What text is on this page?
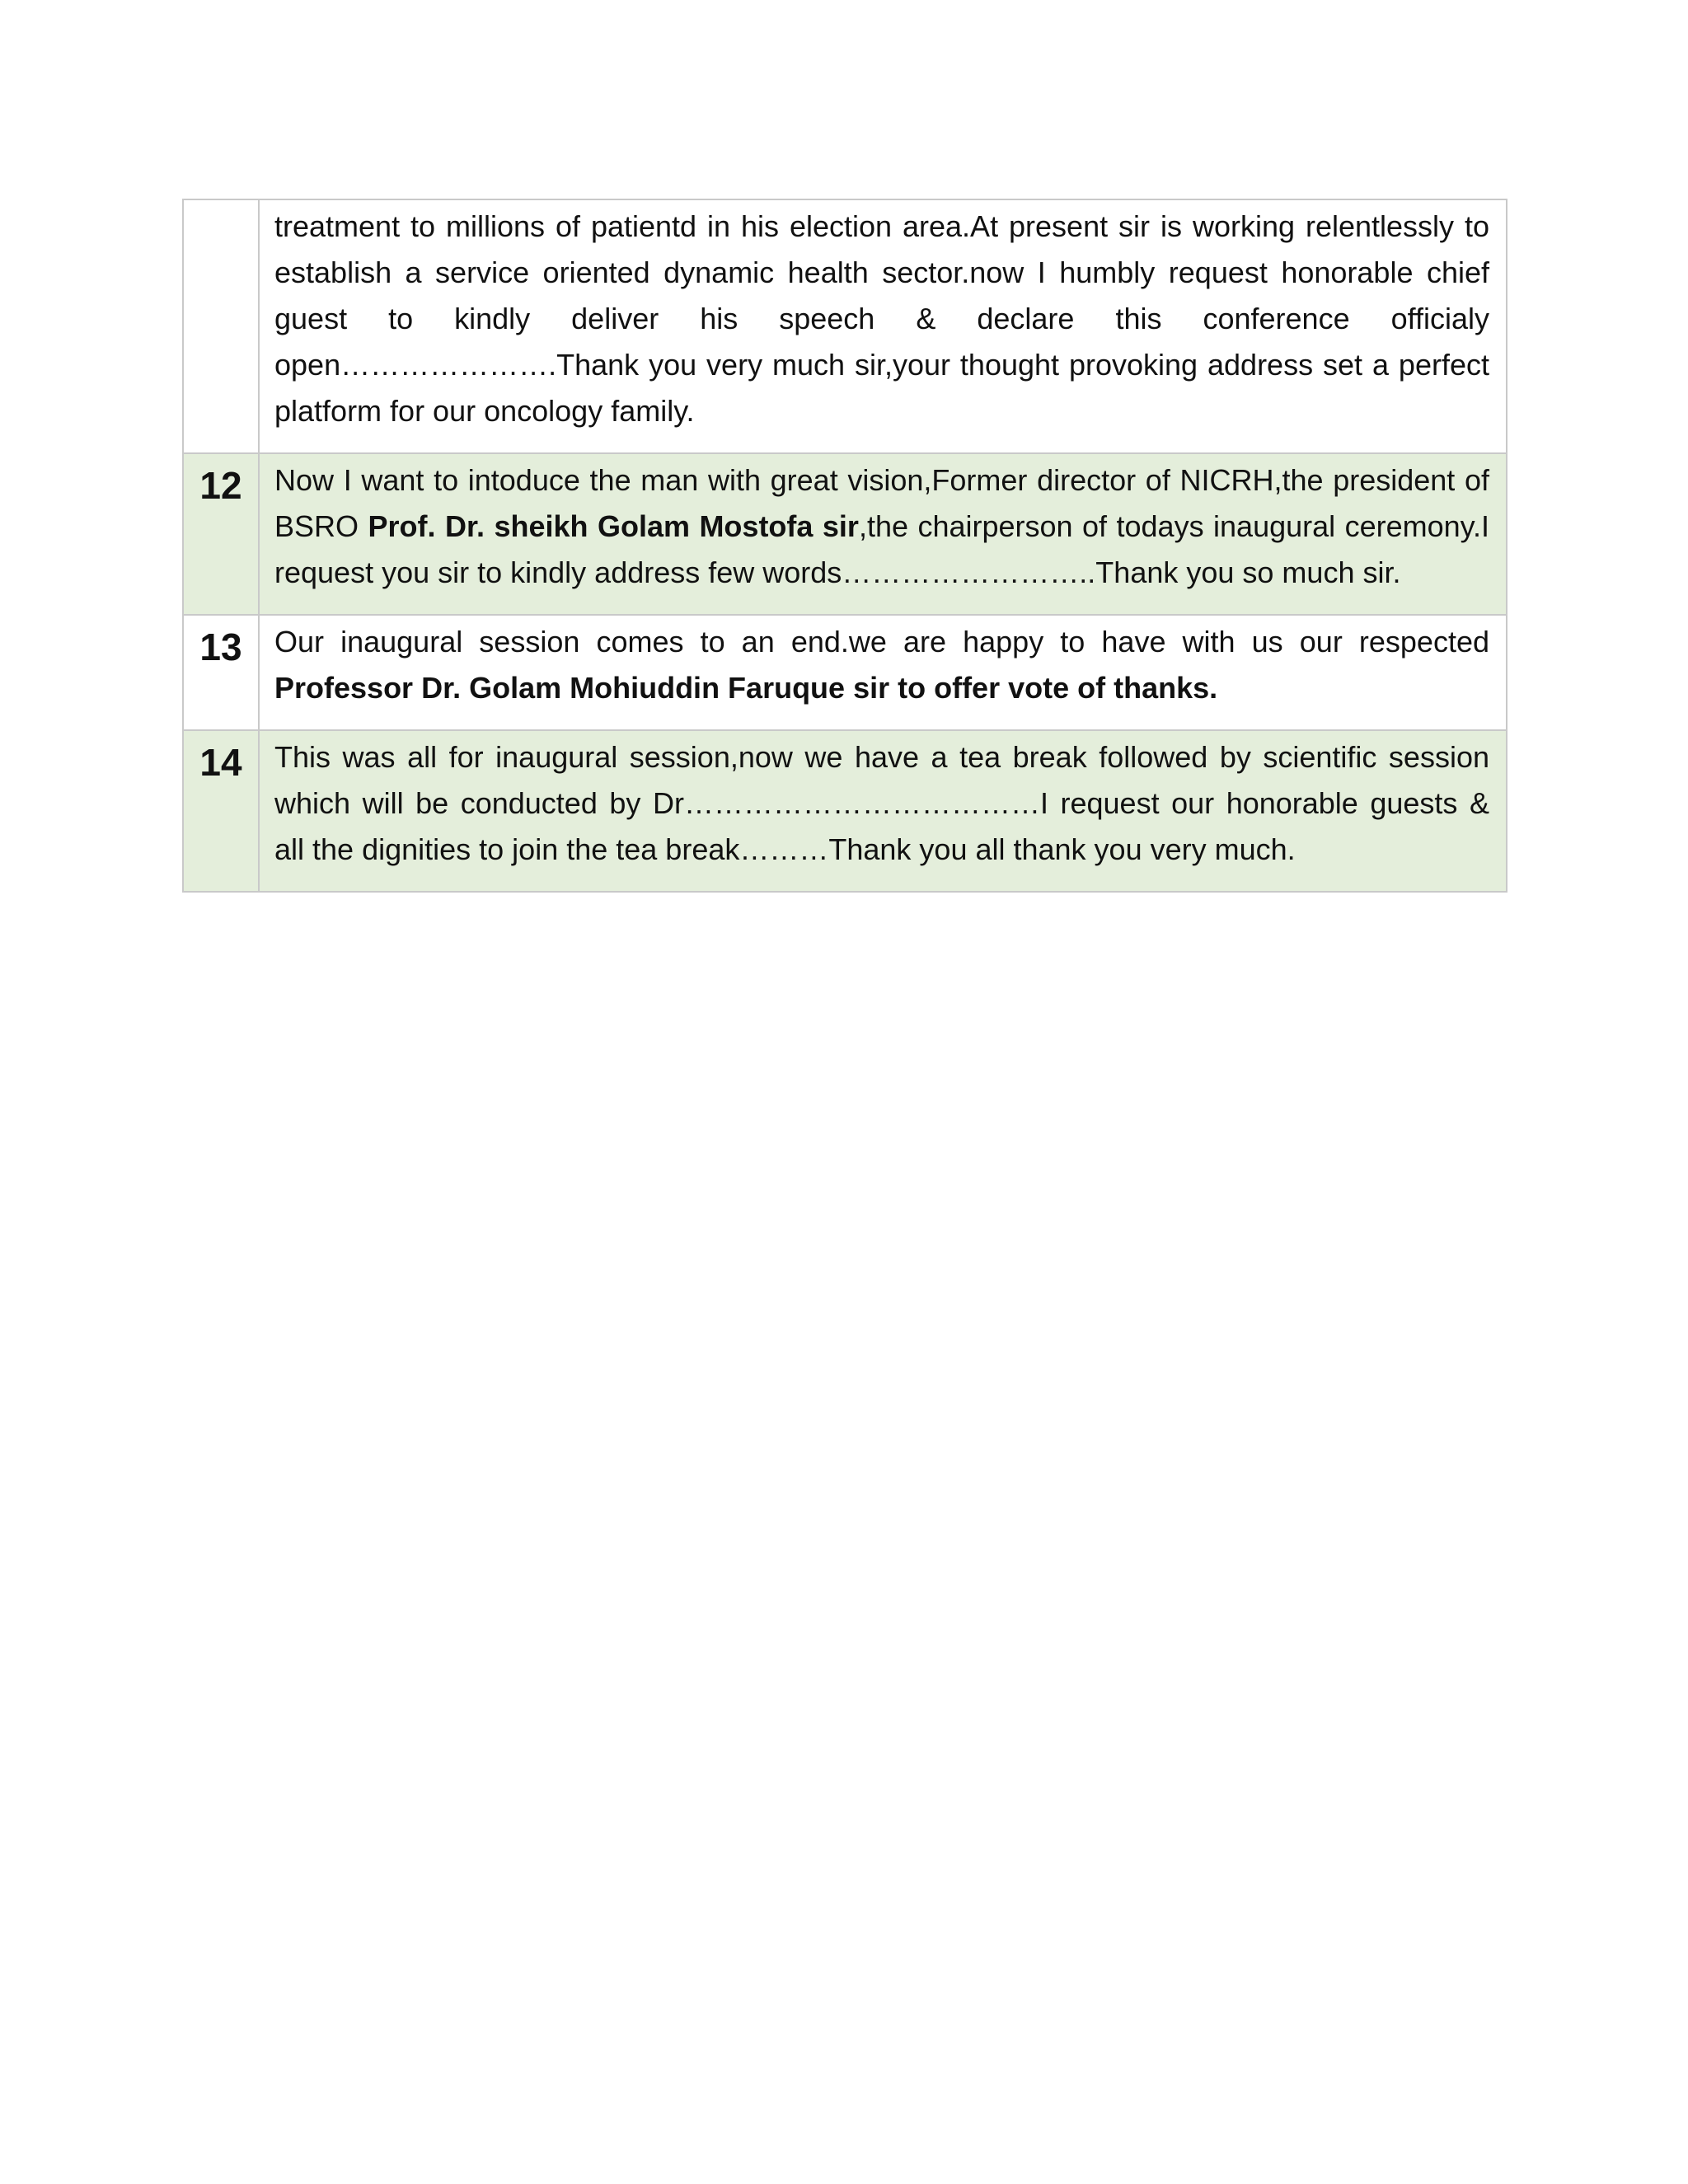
	treatment to millions of patientd in his election area.At present sir is working relentlessly to establish a service oriented dynamic health sector.now I humbly request honorable chief guest to kindly deliver his speech & declare this conference officialy open………………….Thank you very much sir,your thought provoking address set a perfect platform for our oncology family.
12	Now I want to intoduce the man with great vision,Former director of NICRH,the president of BSRO Prof. Dr. sheikh Golam Mostofa sir,the chairperson of todays inaugural ceremony.I request you sir to kindly address few words……………………..Thank you so much sir.
13	Our inaugural session comes to an end.we are happy to have with us our respected Professor Dr. Golam Mohiuddin Faruque sir to offer vote of thanks.
14	This was all for inaugural session,now we have a tea break followed by scientific session which will be conducted by Dr………………………………I request our honorable guests & all the dignities to join the tea break………Thank you all thank you very much.
